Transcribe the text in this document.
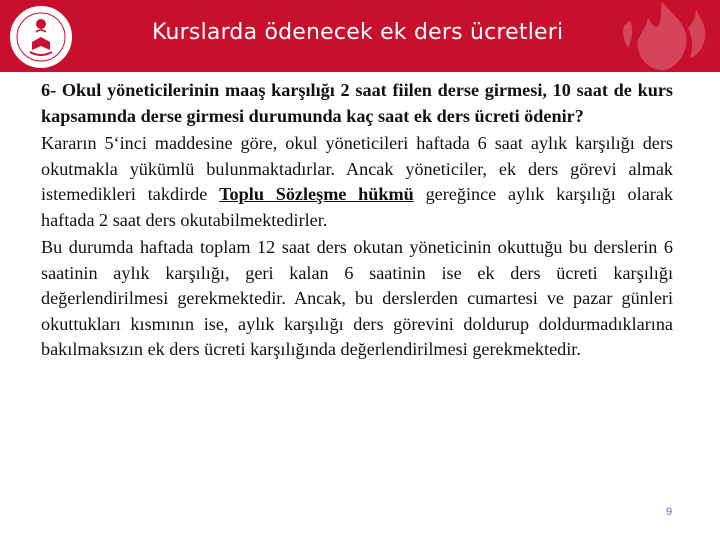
Kurslarda ödenecek ek ders ücretleri

6- Okul yöneticilerinin maaş karşılığı 2 saat fiilen derse girmesi, 10 saat de kurs kapsamında derse girmesi durumunda kaç saat ek ders ücreti ödenir?

Kararın 5‘inci maddesine göre, okul yöneticileri haftada 6 saat aylık karşılığı ders okutmakla yükümlü bulunmaktadırlar. Ancak yöneticiler, ek ders görevi almak istemedikleri takdirde Toplu Sözleşme hükmü gereğince aylık karşılığı olarak haftada 2 saat ders okutabilmektedirler.

Bu durumda haftada toplam 12 saat ders okutan yöneticinin okuttuğu bu derslerin 6 saatinin aylık karşılığı, geri kalan 6 saatinin ise ek ders ücreti karşılığı değerlendirilmesi gerekmektedir. Ancak, bu derslerden cumartesi ve pazar günleri okuttukları kısmının ise, aylık karşılığı ders görevini doldurup doldurmadıklarına bakılmaksızın ek ders ücreti karşılığında değerlendirilmesi gerekmektedir.

9
